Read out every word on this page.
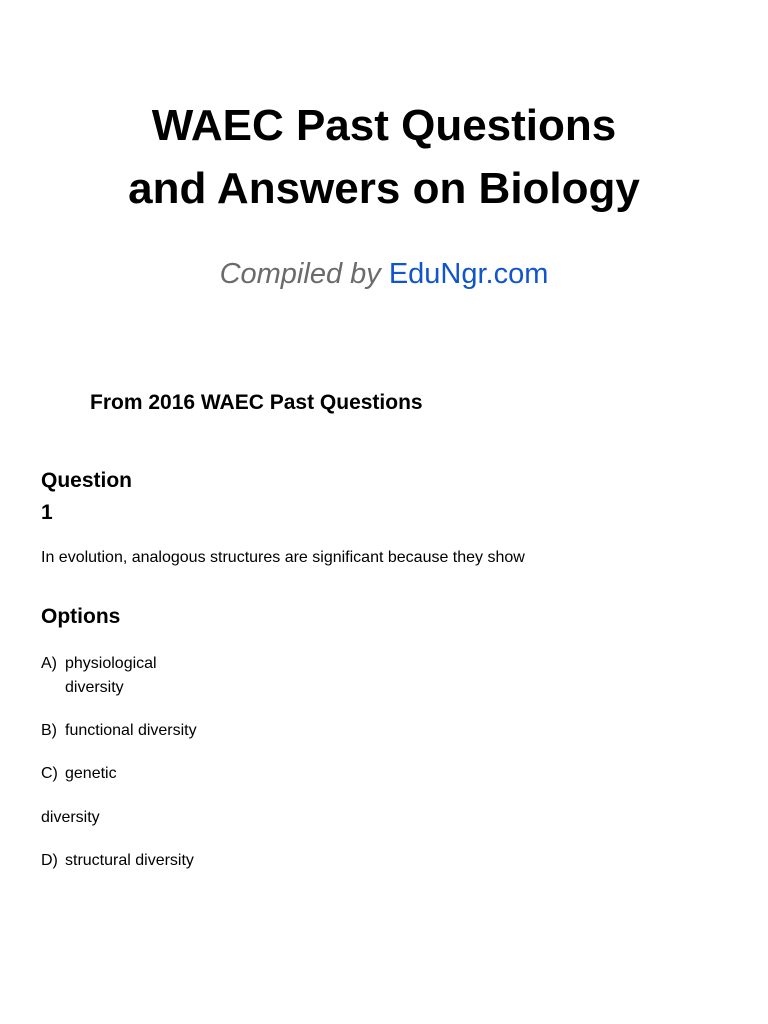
WAEC Past Questions
and Answers on Biology
Compiled by EduNgr.com
From 2016 WAEC Past Questions
Question
1

In evolution, analogous structures are significant because they show

Options
A) physiological
diversity
B) functional diversity
C) genetic
diversity
D) structural diversity
